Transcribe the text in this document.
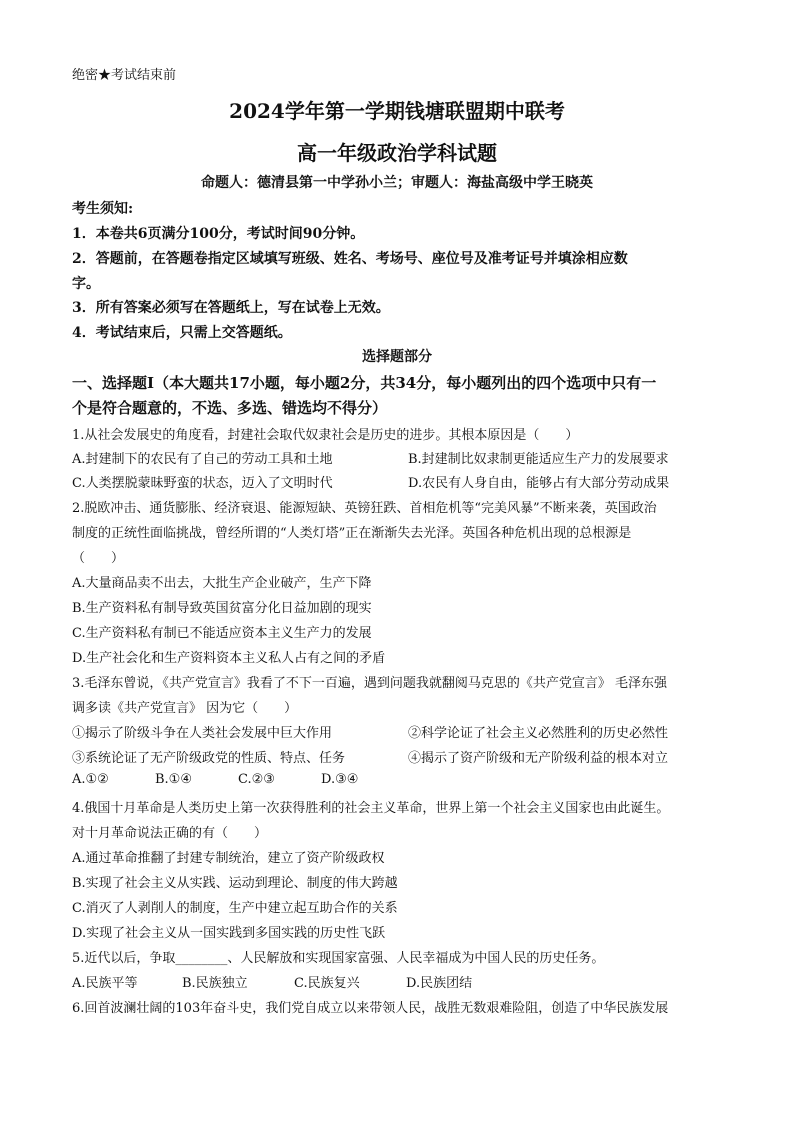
绝密★考试结束前
2024学年第一学期钱塘联盟期中联考
高一年级政治学科试题
命题人：德清县第一中学孙小兰；审题人：海盐高级中学王晓英
考生须知:
1．本卷共6页满分100分，考试时间90分钟。
2．答题前，在答题卷指定区域填写班级、姓名、考场号、座位号及准考证号并填涂相应数
字。
3．所有答案必须写在答题纸上，写在试卷上无效。
4．考试结束后，只需上交答题纸。
选择题部分
一、选择题Ⅰ（本大题共17小题，每小题2分，共34分，每小题列出的四个选项中只有一
个是符合题意的，不选、多选、错选均不得分）
1.从社会发展史的角度看，封建社会取代奴隶社会是历史的进步。其根本原因是（　　）
A.封建制下的农民有了自己的劳动工具和土地	B.封建制比奴隶制更能适应生产力的发展要求
C.人类摆脱蒙昧野蛮的状态，迈入了文明时代	D.农民有人身自由，能够占有大部分劳动成果
2.脱欧冲击、通货膨胀、经济衰退、能源短缺、英镑狂跌、首相危机等“完美风暴”不断来袭，英国政治
制度的正统性面临挑战，曾经所谓的“人类灯塔”正在渐渐失去光泽。英国各种危机出现的总根源是
（　　）
A.大量商品卖不出去，大批生产企业破产，生产下降
B.生产资料私有制导致英国贫富分化日益加剧的现实
C.生产资料私有制已不能适应资本主义生产力的发展
D.生产社会化和生产资料资本主义私人占有之间的矛盾
3.毛泽东曾说，《共产党宣言》我看了不下一百遍，遇到问题我就翻阅马克思的《共产党宣言》 毛泽东强
调多读《共产党宣言》 因为它（　　）
①揭示了阶级斗争在人类社会发展中巨大作用	②科学论证了社会主义必然胜利的历史必然性
③系统论证了无产阶级政党的性质、特点、任务	④揭示了资产阶级和无产阶级利益的根本对立
A.①②	B.①④	C.②③	D.③④
4.俄国十月革命是人类历史上第一次获得胜利的社会主义革命，世界上第一个社会主义国家也由此诞生。
对十月革命说法正确的有（　　）
A.通过革命推翻了封建专制统治，建立了资产阶级政权
B.实现了社会主义从实践、运动到理论、制度的伟大跨越
C.消灭了人剥削人的制度，生产中建立起互助合作的关系
D.实现了社会主义从一国实践到多国实践的历史性飞跃
5.近代以后，争取________、人民解放和实现国家富强、人民幸福成为中国人民的历史任务。
A.民族平等	B.民族独立	C.民族复兴	D.民族团结
6.回首波澜壮阔的103年奋斗史，我们党自成立以来带领人民，战胜无数艰难险阻，创造了中华民族发展
